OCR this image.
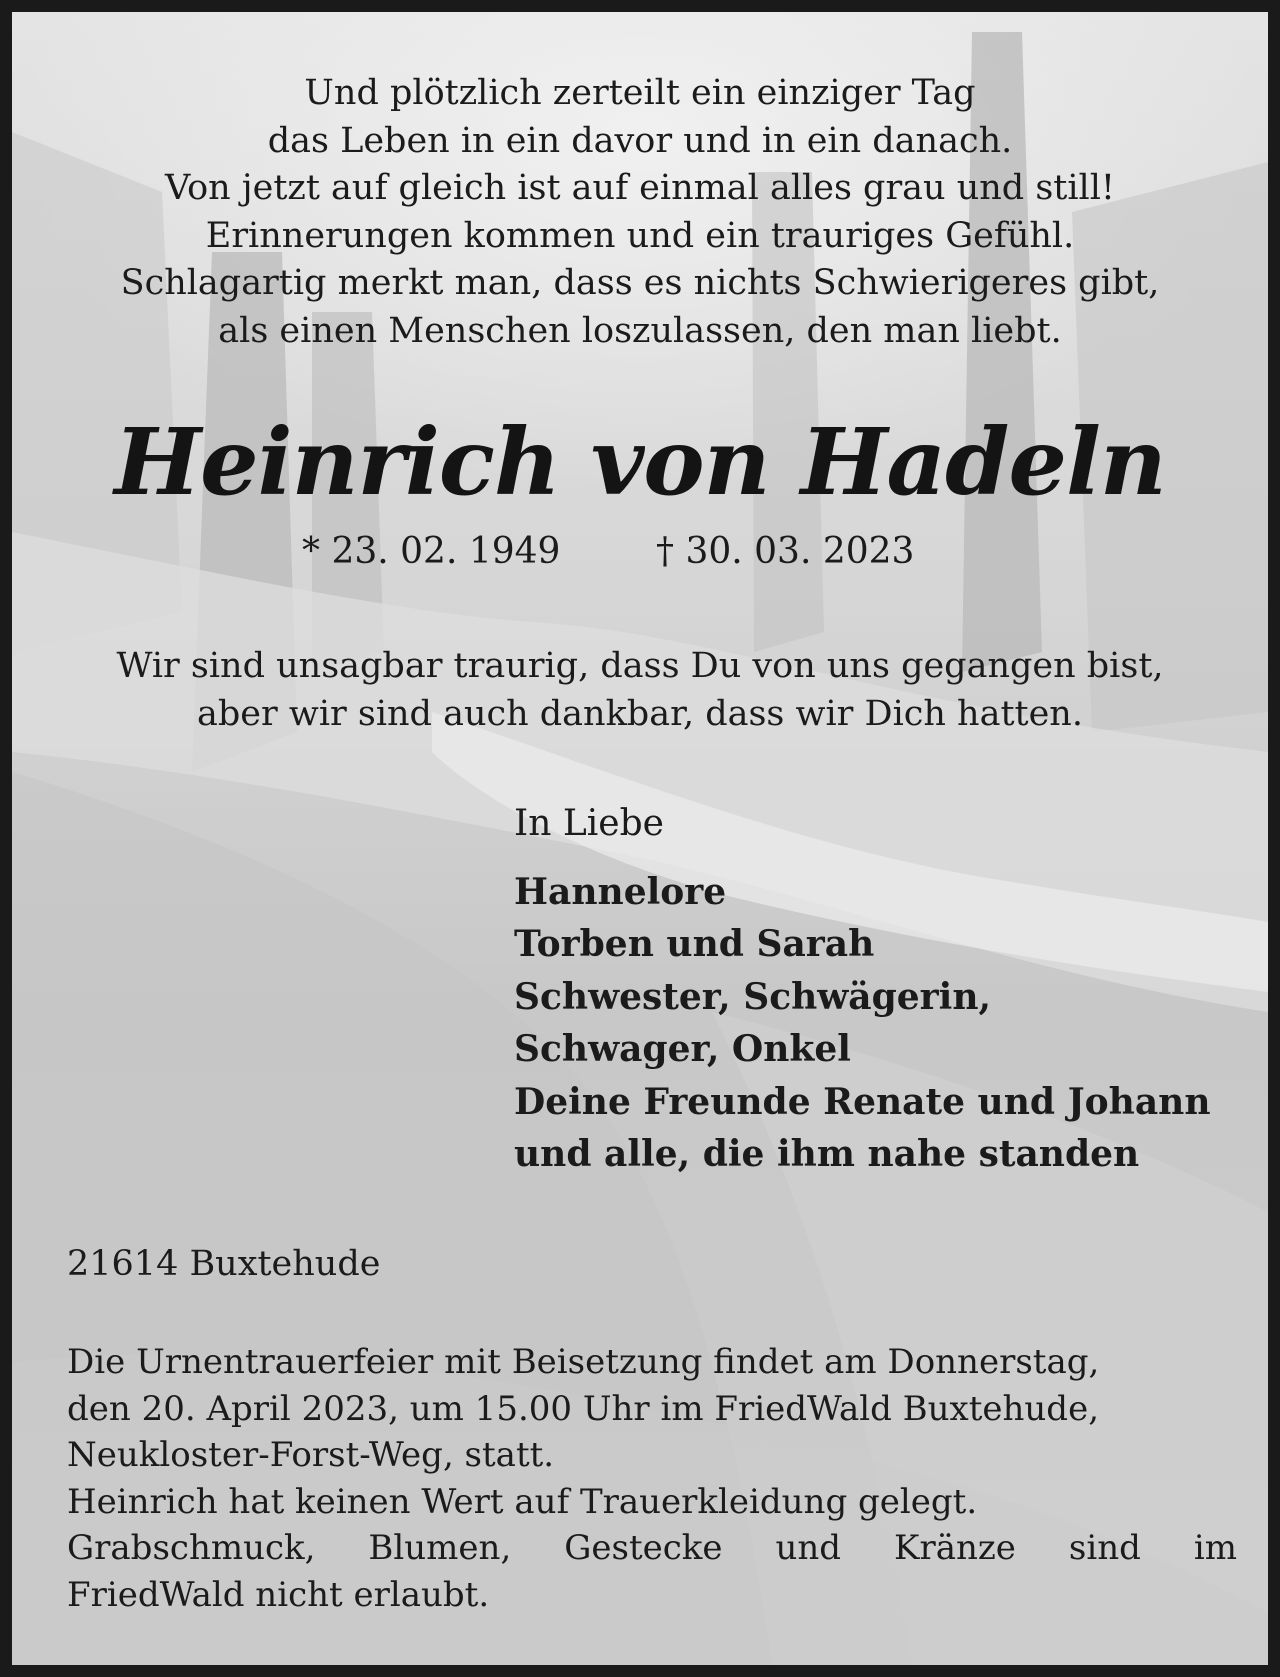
Und plötzlich zerteilt ein einziger Tag
das Leben in ein davor und in ein danach.
Von jetzt auf gleich ist auf einmal alles grau und still!
Erinnerungen kommen und ein trauriges Gefühl.
Schlagartig merkt man, dass es nichts Schwierigeres gibt,
als einen Menschen loszulassen, den man liebt.
Heinrich von Hadeln
* 23. 02. 1949	† 30. 03. 2023
Wir sind unsagbar traurig, dass Du von uns gegangen bist,
aber wir sind auch dankbar, dass wir Dich hatten.
In Liebe
Hannelore
Torben und Sarah
Schwester, Schwägerin,
Schwager, Onkel
Deine Freunde Renate und Johann
und alle, die ihm nahe standen
21614 Buxtehude
Die Urnentrauerfeier mit Beisetzung findet am Donnerstag,
den 20. April 2023, um 15.00 Uhr im FriedWald Buxtehude,
Neukloster-Forst-Weg, statt.
Heinrich hat keinen Wert auf Trauerkleidung gelegt.
Grabschmuck, Blumen, Gestecke und Kränze sind im
FriedWald nicht erlaubt.
